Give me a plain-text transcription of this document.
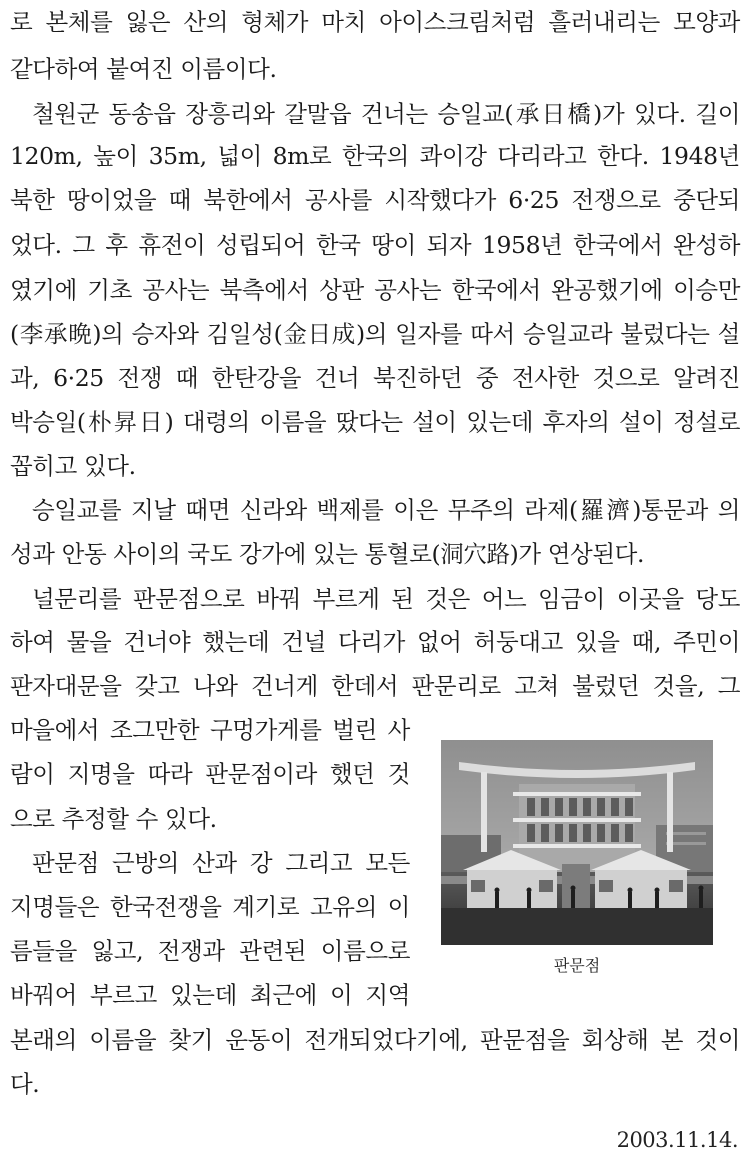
로 본체를 잃은 산의 형체가 마치 아이스크림처럼 흘러내리는 모양과
같다하여 붙여진 이름이다.
철원군 동송읍 장흥리와 갈말읍 건너는 승일교(承日橋)가 있다. 길이
120m, 높이 35m, 넓이 8m로 한국의 콰이강 다리라고 한다. 1948년
북한 땅이었을 때 북한에서 공사를 시작했다가 6·25 전쟁으로 중단되
었다. 그 후 휴전이 성립되어 한국 땅이 되자 1958년 한국에서 완성하
였기에 기초 공사는 북측에서 상판 공사는 한국에서 완공했기에 이승만
(李承晩)의 승자와 김일성(金日成)의 일자를 따서 승일교라 불렀다는 설
과, 6·25 전쟁 때 한탄강을 건너 북진하던 중 전사한 것으로 알려진
박승일(朴昇日) 대령의 이름을 땄다는 설이 있는데 후자의 설이 정설로
꼽히고 있다.
승일교를 지날 때면 신라와 백제를 이은 무주의 라제(羅濟)통문과 의
성과 안동 사이의 국도 강가에 있는 통혈로(洞穴路)가 연상된다.
널문리를 판문점으로 바꿔 부르게 된 것은 어느 임금이 이곳을 당도
하여 물을 건너야 했는데 건널 다리가 없어 허둥대고 있을 때, 주민이
판자대문을 갖고 나와 건너게 한데서 판문리로 고쳐 불렀던 것을, 그
마을에서 조그만한 구멍가게를 벌린 사
람이 지명을 따라 판문점이라 했던 것
으로 추정할 수 있다.
판문점 근방의 산과 강 그리고 모든
지명들은 한국전쟁을 계기로 고유의 이
름들을 잃고, 전쟁과 관련된 이름으로
바꿔어 부르고 있는데 최근에 이 지역
본래의 이름을 찾기 운동이 전개되었다기에, 판문점을 회상해 본 것이
다.
판문점
2003.11.14.
